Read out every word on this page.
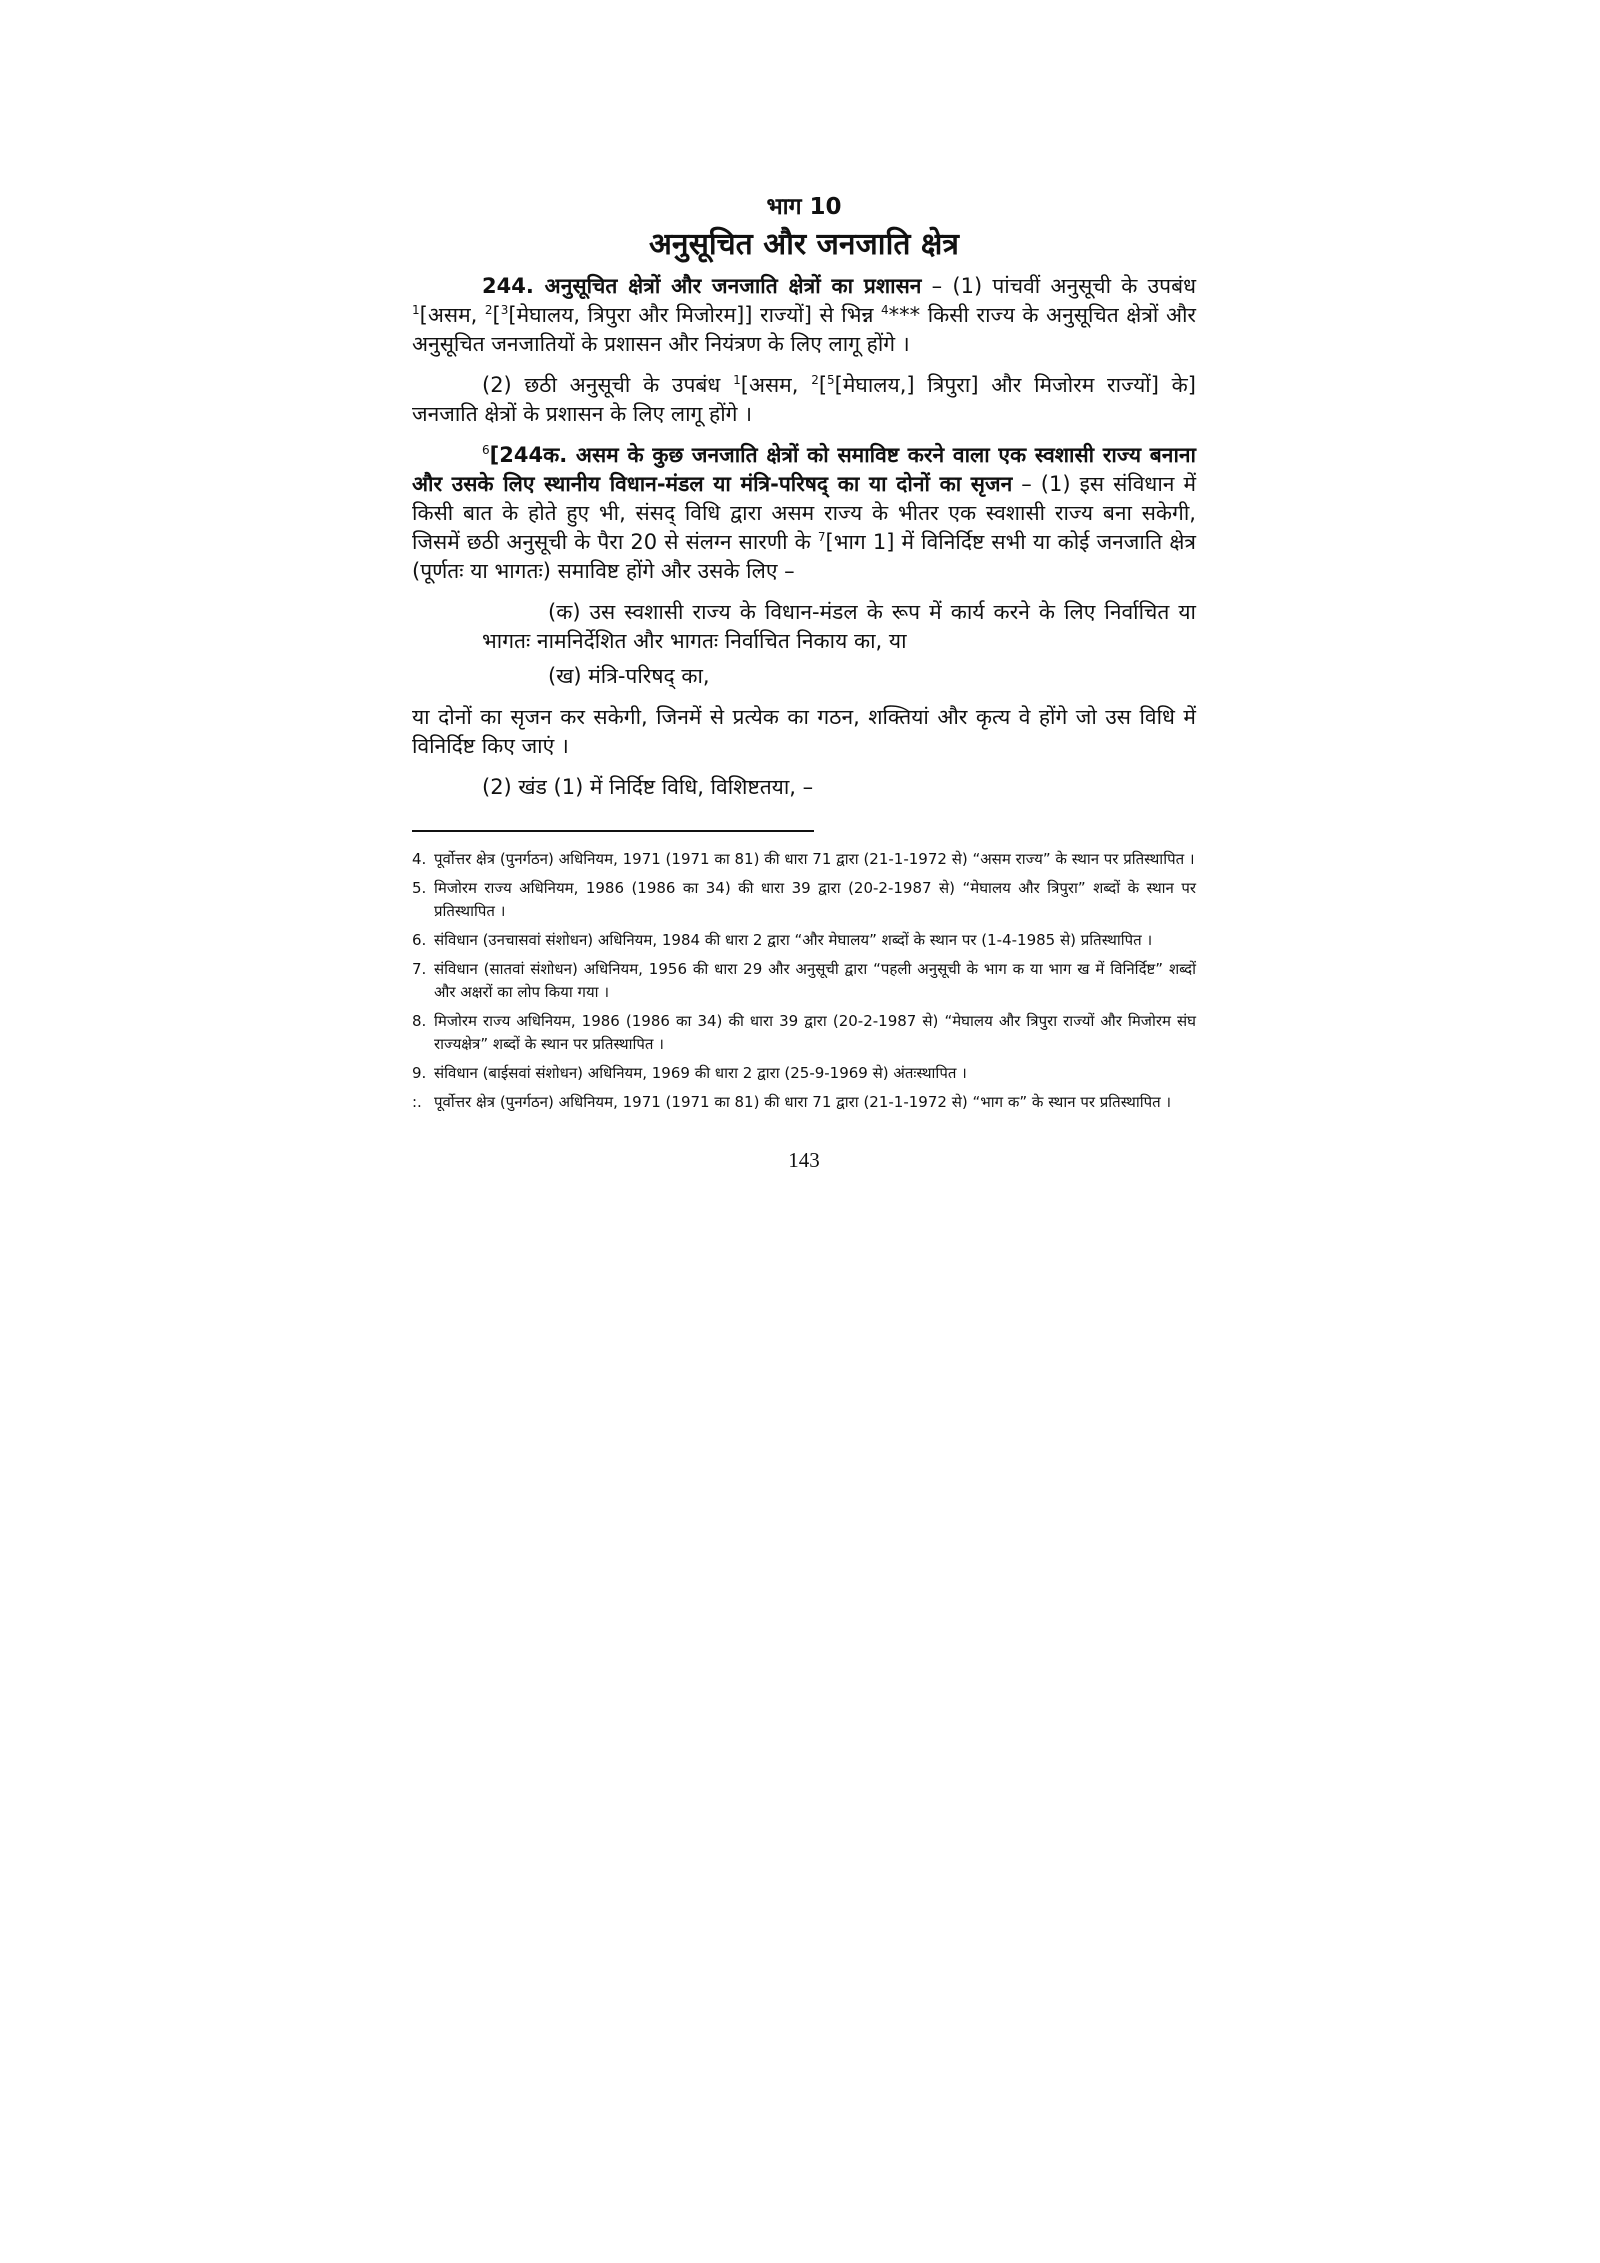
भाग 10

अनुसूचित और जनजाति क्षेत्र

244. अनुसूचित क्षेत्रों और जनजाति क्षेत्रों का प्रशासन – (1) पांचवीं अनुसूची के उपबंध $^1$[असम, $^2$[$^3$[मेघालय, त्रिपुरा और मिजोरम]] राज्यों] से भिन्न $^4$*** किसी राज्य के अनुसूचित क्षेत्रों और अनुसूचित जनजातियों के प्रशासन और नियंत्रण के लिए लागू होंगे ।

(2) छठी अनुसूची के उपबंध $^1$[असम, $^2$[$^5$[मेघालय,] त्रिपुरा] और मिजोरम राज्यों] के] जनजाति क्षेत्रों के प्रशासन के लिए लागू होंगे ।

$^6$[244क. असम के कुछ जनजाति क्षेत्रों को समाविष्ट करने वाला एक स्वशासी राज्य बनाना और उसके लिए स्थानीय विधान-मंडल या मंत्रि-परिषद् का या दोनों का सृजन – (1) इस संविधान में किसी बात के होते हुए भी, संसद् विधि द्वारा असम राज्य के भीतर एक स्वशासी राज्य बना सकेगी, जिसमें छठी अनुसूची के पैरा 20 से संलग्न सारणी के $^7$[भाग 1] में विनिर्दिष्ट सभी या कोई जनजाति क्षेत्र (पूर्णतः या भागतः) समाविष्ट होंगे और उसके लिए –

(क) उस स्वशासी राज्य के विधान-मंडल के रूप में कार्य करने के लिए निर्वाचित या भागतः नामनिर्देशित और भागतः निर्वाचित निकाय का, या

(ख) मंत्रि-परिषद् का,

या दोनों का सृजन कर सकेगी, जिनमें से प्रत्येक का गठन, शक्तियां और कृत्य वे होंगे जो उस विधि में विनिर्दिष्ट किए जाएं ।

(2) खंड (1) में निर्दिष्ट विधि, विशिष्टतया, –

4. पूर्वोत्तर क्षेत्र (पुनर्गठन) अधिनियम, 1971 (1971 का 81) की धारा 71 द्वारा (21-1-1972 से) “असम राज्य” के स्थान पर प्रतिस्थापित ।

5. मिजोरम राज्य अधिनियम, 1986 (1986 का 34) की धारा 39 द्वारा (20-2-1987 से) “मेघालय और त्रिपुरा” शब्दों के स्थान पर प्रतिस्थापित ।

6. संविधान (उनचासवां संशोधन) अधिनियम, 1984 की धारा 2 द्वारा “और मेघालय” शब्दों के स्थान पर (1-4-1985 से) प्रतिस्थापित ।

7. संविधान (सातवां संशोधन) अधिनियम, 1956 की धारा 29 और अनुसूची द्वारा “पहली अनुसूची के भाग क या भाग ख में विनिर्दिष्ट” शब्दों और अक्षरों का लोप किया गया ।

8. मिजोरम राज्य अधिनियम, 1986 (1986 का 34) की धारा 39 द्वारा (20-2-1987 से) “मेघालय और त्रिपुरा राज्यों और मिजोरम संघ राज्यक्षेत्र” शब्दों के स्थान पर प्रतिस्थापित ।

9. संविधान (बाईसवां संशोधन) अधिनियम, 1969 की धारा 2 द्वारा (25-9-1969 से) अंतःस्थापित ।

:. पूर्वोत्तर क्षेत्र (पुनर्गठन) अधिनियम, 1971 (1971 का 81) की धारा 71 द्वारा (21-1-1972 से) “भाग क” के स्थान पर प्रतिस्थापित ।

143
